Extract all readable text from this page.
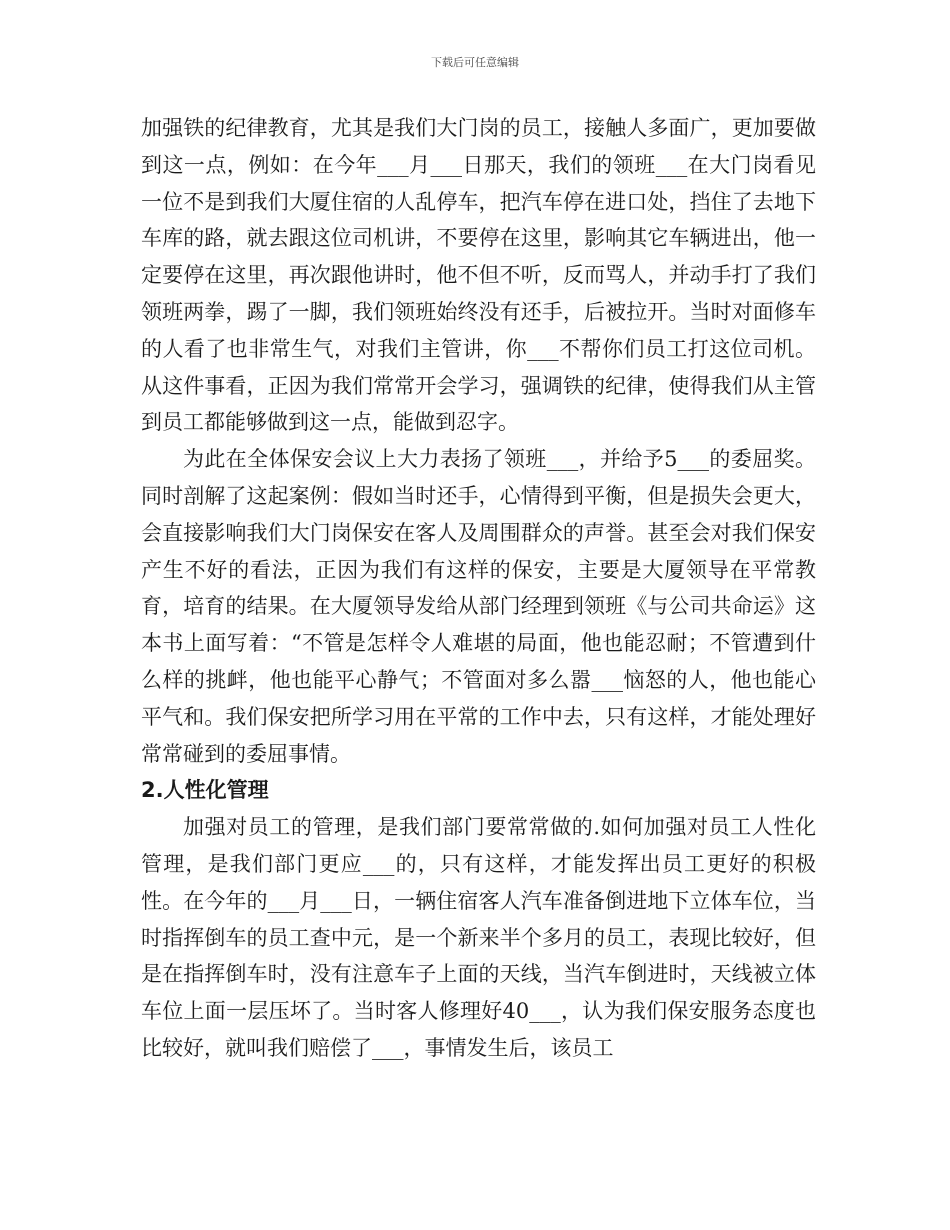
下载后可任意编辑

加强铁的纪律教育，尤其是我们大门岗的员工，接触人多面广，更加要做到这一点，例如：在今年___月___日那天，我们的领班___在大门岗看见一位不是到我们大厦住宿的人乱停车，把汽车停在进口处，挡住了去地下车库的路，就去跟这位司机讲，不要停在这里，影响其它车辆进出，他一定要停在这里，再次跟他讲时，他不但不听，反而骂人，并动手打了我们领班两拳，踢了一脚，我们领班始终没有还手，后被拉开。当时对面修车的人看了也非常生气，对我们主管讲，你___不帮你们员工打这位司机。从这件事看，正因为我们常常开会学习，强调铁的纪律，使得我们从主管到员工都能够做到这一点，能做到忍字。

为此在全体保安会议上大力表扬了领班___，并给予5___的委屈奖。同时剖解了这起案例：假如当时还手，心情得到平衡，但是损失会更大，会直接影响我们大门岗保安在客人及周围群众的声誉。甚至会对我们保安产生不好的看法，正因为我们有这样的保安，主要是大厦领导在平常教育，培育的结果。在大厦领导发给从部门经理到领班《与公司共命运》这本书上面写着：“不管是怎样令人难堪的局面，他也能忍耐；不管遭到什么样的挑衅，他也能平心静气；不管面对多么嚣___恼怒的人，他也能心平气和。我们保安把所学习用在平常的工作中去，只有这样，才能处理好常常碰到的委屈事情。

2.人性化管理

加强对员工的管理，是我们部门要常常做的.如何加强对员工人性化管理，是我们部门更应___的，只有这样，才能发挥出员工更好的积极性。在今年的___月___日，一辆住宿客人汽车准备倒进地下立体车位，当时指挥倒车的员工查中元，是一个新来半个多月的员工，表现比较好，但是在指挥倒车时，没有注意车子上面的天线，当汽车倒进时，天线被立体车位上面一层压坏了。当时客人修理好40___，认为我们保安服务态度也比较好，就叫我们赔偿了___，事情发生后，该员工
